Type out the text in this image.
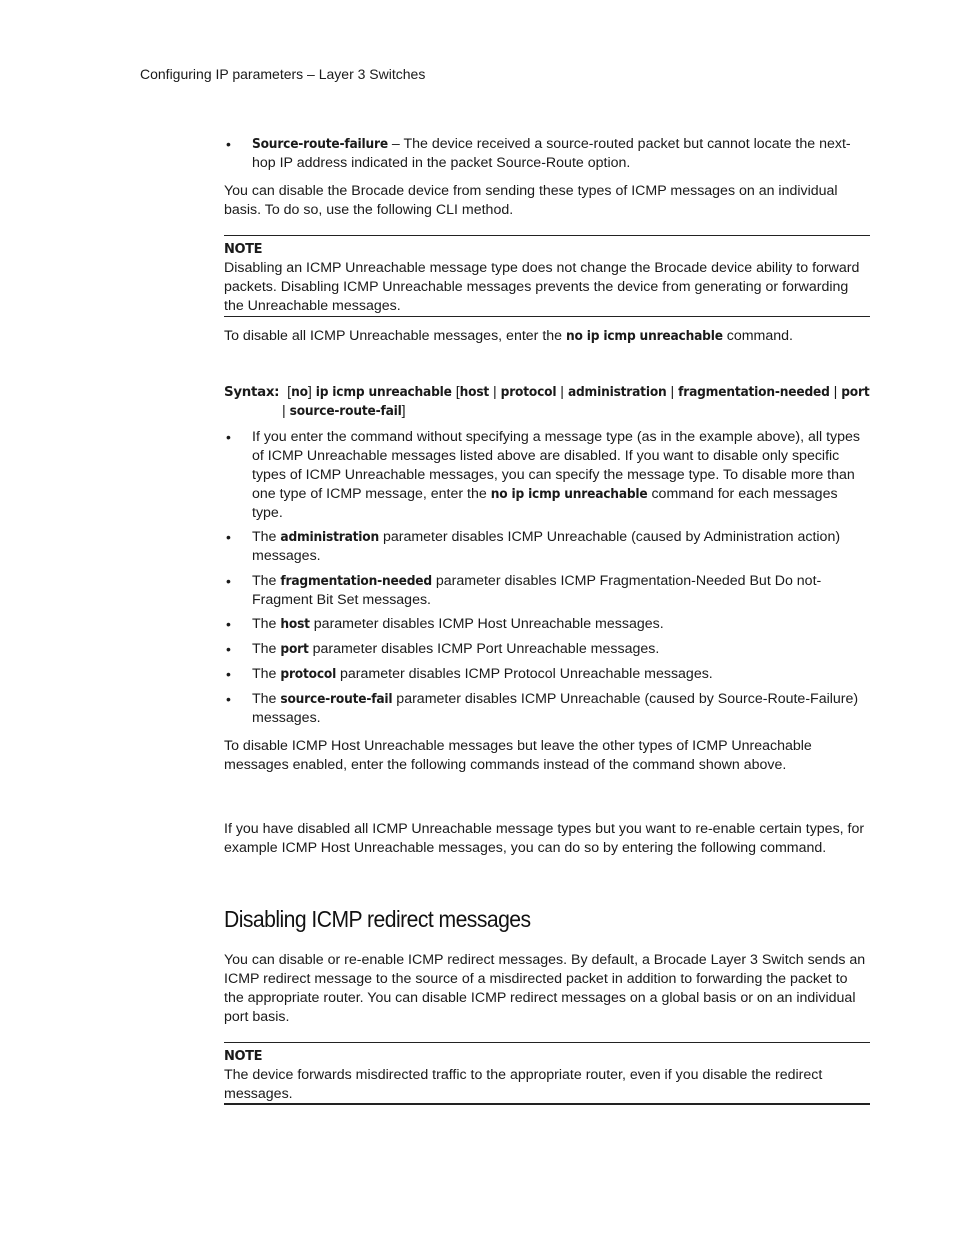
Configuring IP parameters – Layer 3 Switches
• Source-route-failure – The device received a source-routed packet but cannot locate the next-hop IP address indicated in the packet Source-Route option.
You can disable the Brocade device from sending these types of ICMP messages on an individual basis. To do so, use the following CLI method.
NOTE
Disabling an ICMP Unreachable message type does not change the Brocade device ability to forward packets. Disabling ICMP Unreachable messages prevents the device from generating or forwarding the Unreachable messages.
To disable all ICMP Unreachable messages, enter the no ip icmp unreachable command.
Syntax: [no] ip icmp unreachable [host | protocol | administration | fragmentation-needed | port
| source-route-fail]
• If you enter the command without specifying a message type (as in the example above), all types of ICMP Unreachable messages listed above are disabled. If you want to disable only specific types of ICMP Unreachable messages, you can specify the message type. To disable more than one type of ICMP message, enter the no ip icmp unreachable command for each messages type.
• The administration parameter disables ICMP Unreachable (caused by Administration action) messages.
• The fragmentation-needed parameter disables ICMP Fragmentation-Needed But Do not-Fragment Bit Set messages.
• The host parameter disables ICMP Host Unreachable messages.
• The port parameter disables ICMP Port Unreachable messages.
• The protocol parameter disables ICMP Protocol Unreachable messages.
• The source-route-fail parameter disables ICMP Unreachable (caused by Source-Route-Failure) messages.
To disable ICMP Host Unreachable messages but leave the other types of ICMP Unreachable messages enabled, enter the following commands instead of the command shown above.
If you have disabled all ICMP Unreachable message types but you want to re-enable certain types, for example ICMP Host Unreachable messages, you can do so by entering the following command.
Disabling ICMP redirect messages
You can disable or re-enable ICMP redirect messages. By default, a Brocade Layer 3 Switch sends an ICMP redirect message to the source of a misdirected packet in addition to forwarding the packet to the appropriate router. You can disable ICMP redirect messages on a global basis or on an individual port basis.
NOTE
The device forwards misdirected traffic to the appropriate router, even if you disable the redirect messages.
